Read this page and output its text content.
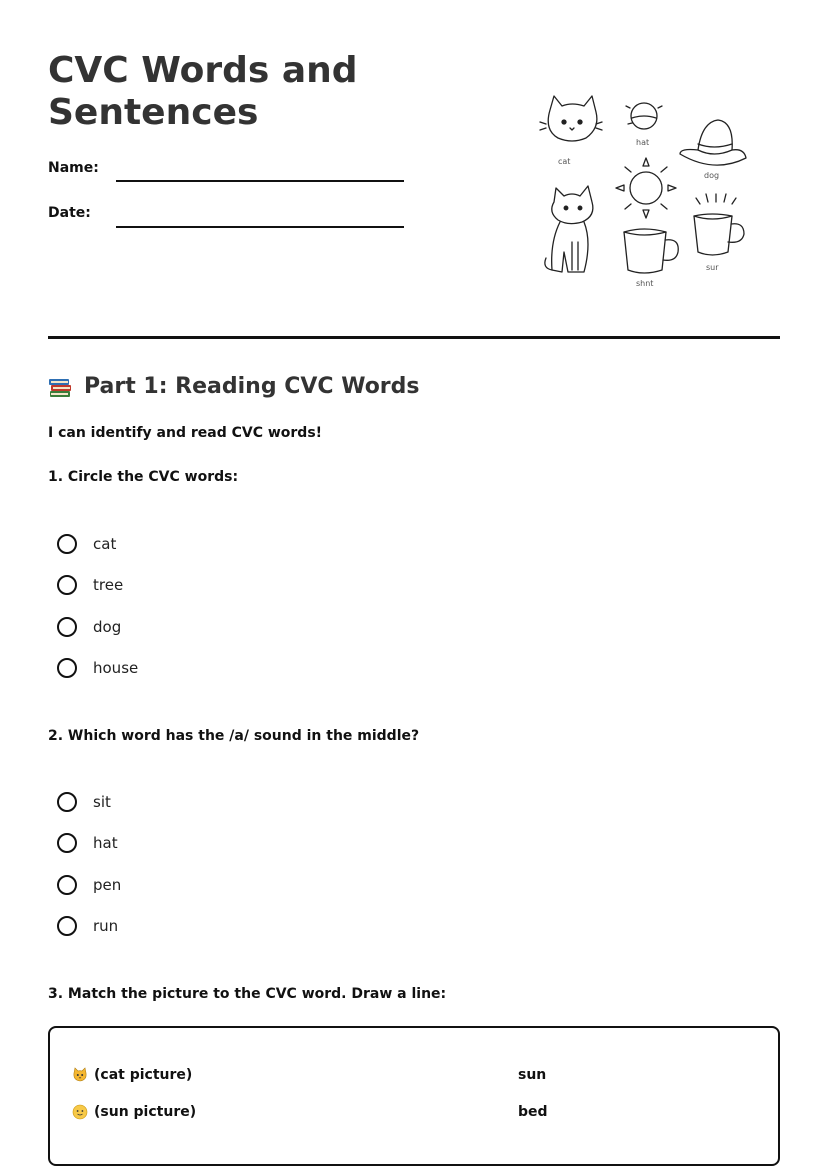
CVC Words and
Sentences
Name:
Date:
cat
hat
dog
shnt
sur
Part 1: Reading CVC Words
I can identify and read CVC words!
1. Circle the CVC words:
cat
tree
dog
house
2. Which word has the /a/ sound in the middle?
sit
hat
pen
run
3. Match the picture to the CVC word. Draw a line:
(cat picture)	sun
(sun picture)	bed
